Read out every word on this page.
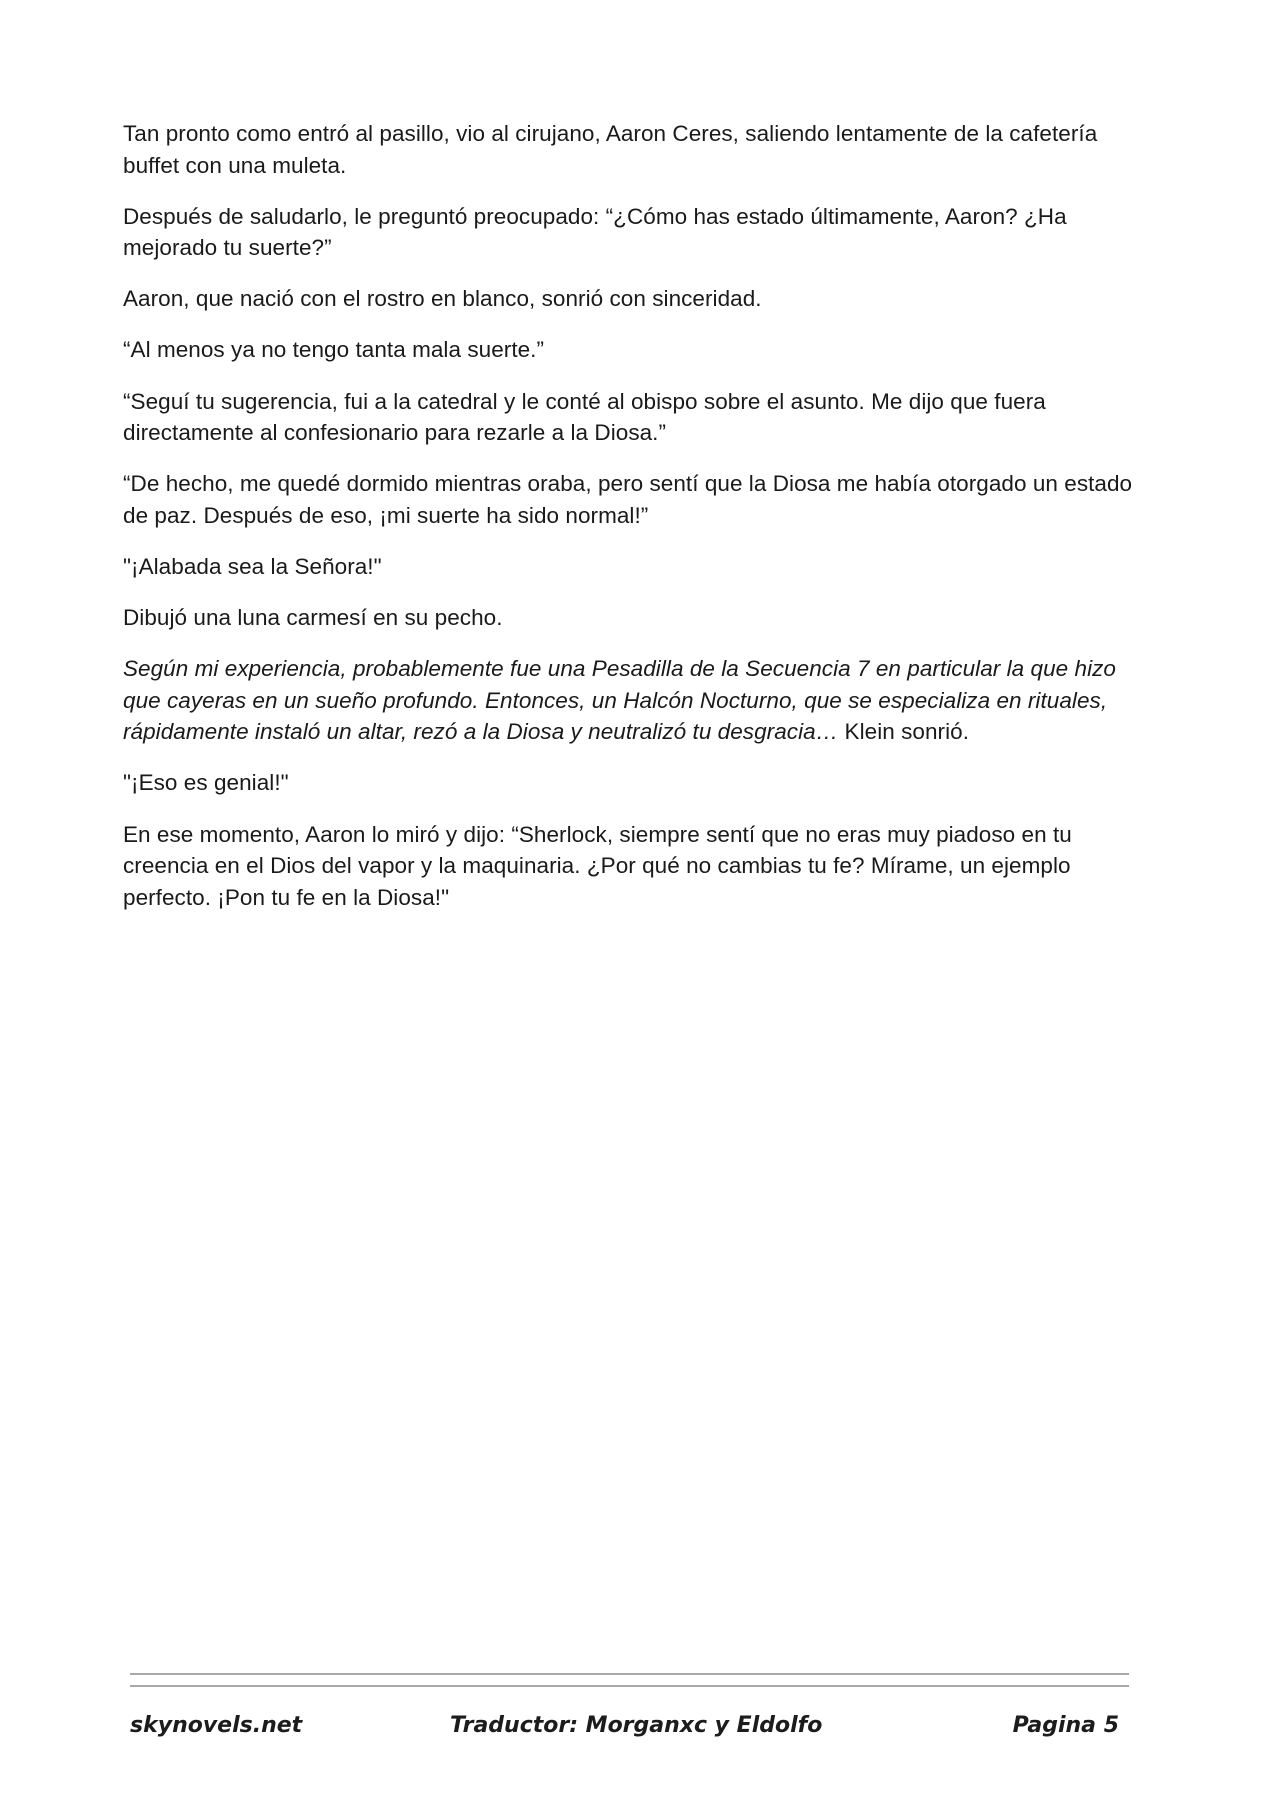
Tan pronto como entró al pasillo, vio al cirujano, Aaron Ceres, saliendo lentamente de la cafetería buffet con una muleta.

Después de saludarlo, le preguntó preocupado: “¿Cómo has estado últimamente, Aaron? ¿Ha mejorado tu suerte?”

Aaron, que nació con el rostro en blanco, sonrió con sinceridad.

“Al menos ya no tengo tanta mala suerte.”

“Seguí tu sugerencia, fui a la catedral y le conté al obispo sobre el asunto. Me dijo que fuera directamente al confesionario para rezarle a la Diosa.”

“De hecho, me quedé dormido mientras oraba, pero sentí que la Diosa me había otorgado un estado de paz. Después de eso, ¡mi suerte ha sido normal!”

"¡Alabada sea la Señora!"

Dibujó una luna carmesí en su pecho.

Según mi experiencia, probablemente fue una Pesadilla de la Secuencia 7 en particular la que hizo que cayeras en un sueño profundo. Entonces, un Halcón Nocturno, que se especializa en rituales, rápidamente instaló un altar, rezó a la Diosa y neutralizó tu desgracia… Klein sonrió.

"¡Eso es genial!"

En ese momento, Aaron lo miró y dijo: “Sherlock, siempre sentí que no eras muy piadoso en tu creencia en el Dios del vapor y la maquinaria. ¿Por qué no cambias tu fe? Mírame, un ejemplo perfecto. ¡Pon tu fe en la Diosa!"

skynovels.net	Traductor: Morganxc y Eldolfo	Pagina 5
